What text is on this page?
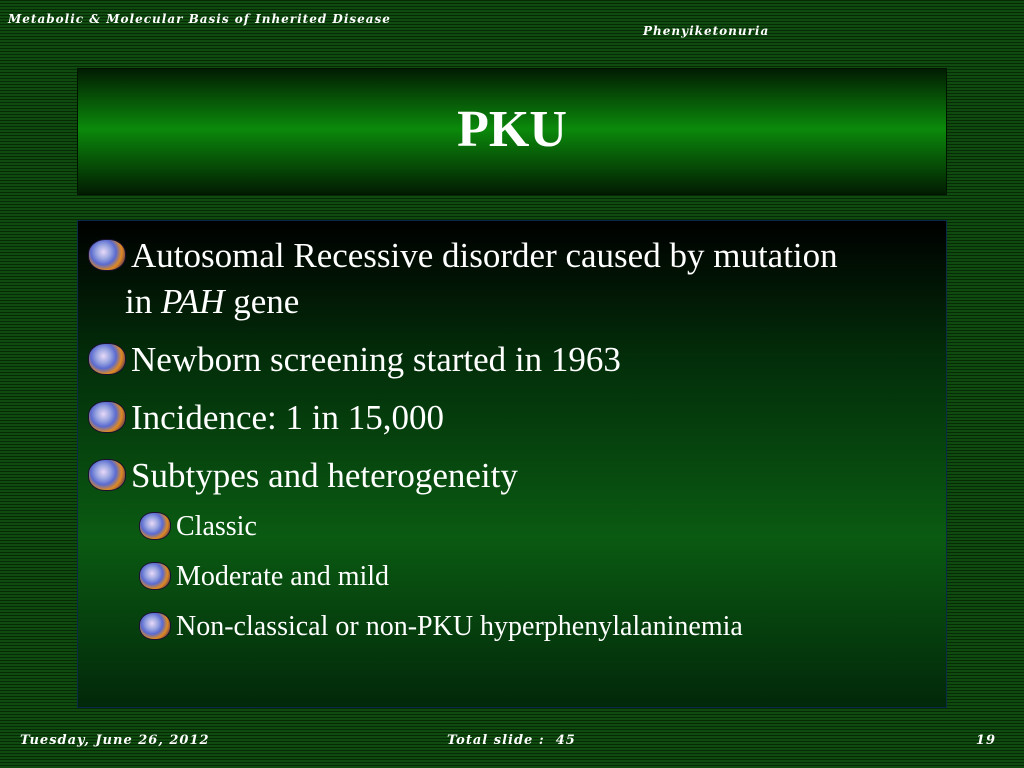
Metabolic & Molecular Basis of Inherited Disease
Phenyiketonuria
PKU
Autosomal Recessive disorder caused by mutation
in PAH gene
Newborn screening started in 1963
Incidence: 1 in 15,000
Subtypes and heterogeneity
Classic
Moderate and mild
Non-classical or non-PKU hyperphenylalaninemia
Tuesday, June 26, 2012	Total slide : 45	19
